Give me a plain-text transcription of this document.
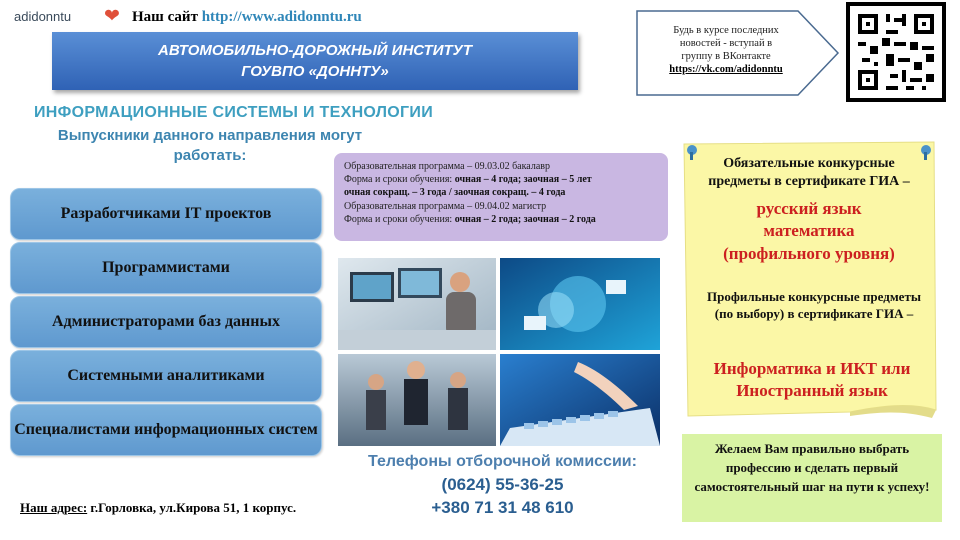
adidonntu ❤ Наш сайт http://www.adidonntu.ru
АВТОМОБИЛЬНО-ДОРОЖНЫЙ ИНСТИТУТ
ГОУВПО «ДОННТУ»
Будь в курсе последних
новостей - вступай в
группу в ВКонтакте
https://vk.com/adidonntu
ИНФОРМАЦИОННЫЕ СИСТЕМЫ И ТЕХНОЛОГИИ
Выпускники данного направления могут работать:
Разработчиками IT проектов
Программистами
Администраторами баз данных
Системными аналитиками
Специалистами информационных систем
Образовательная программа – 09.03.02 бакалавр
Форма и сроки обучения: очная – 4 года; заочная – 5 лет
очная сокращ. – 3 года / заочная сокращ. – 4 года
Образовательная программа – 09.04.02 магистр
Форма и сроки обучения: очная – 2 года; заочная – 2 года
Телефоны отборочной комиссии:
(0624) 55-36-25
+380 71 31 48 610
Наш адрес: г.Горловка, ул.Кирова 51, 1 корпус.
Обязательные конкурсные предметы в сертификате ГИА –
русский язык
математика
(профильного уровня)
Профильные конкурсные предметы (по выбору) в сертификате ГИА –
Информатика и ИКТ или
Иностранный язык
Желаем Вам правильно выбрать профессию и сделать первый самостоятельный шаг на пути к успеху!
